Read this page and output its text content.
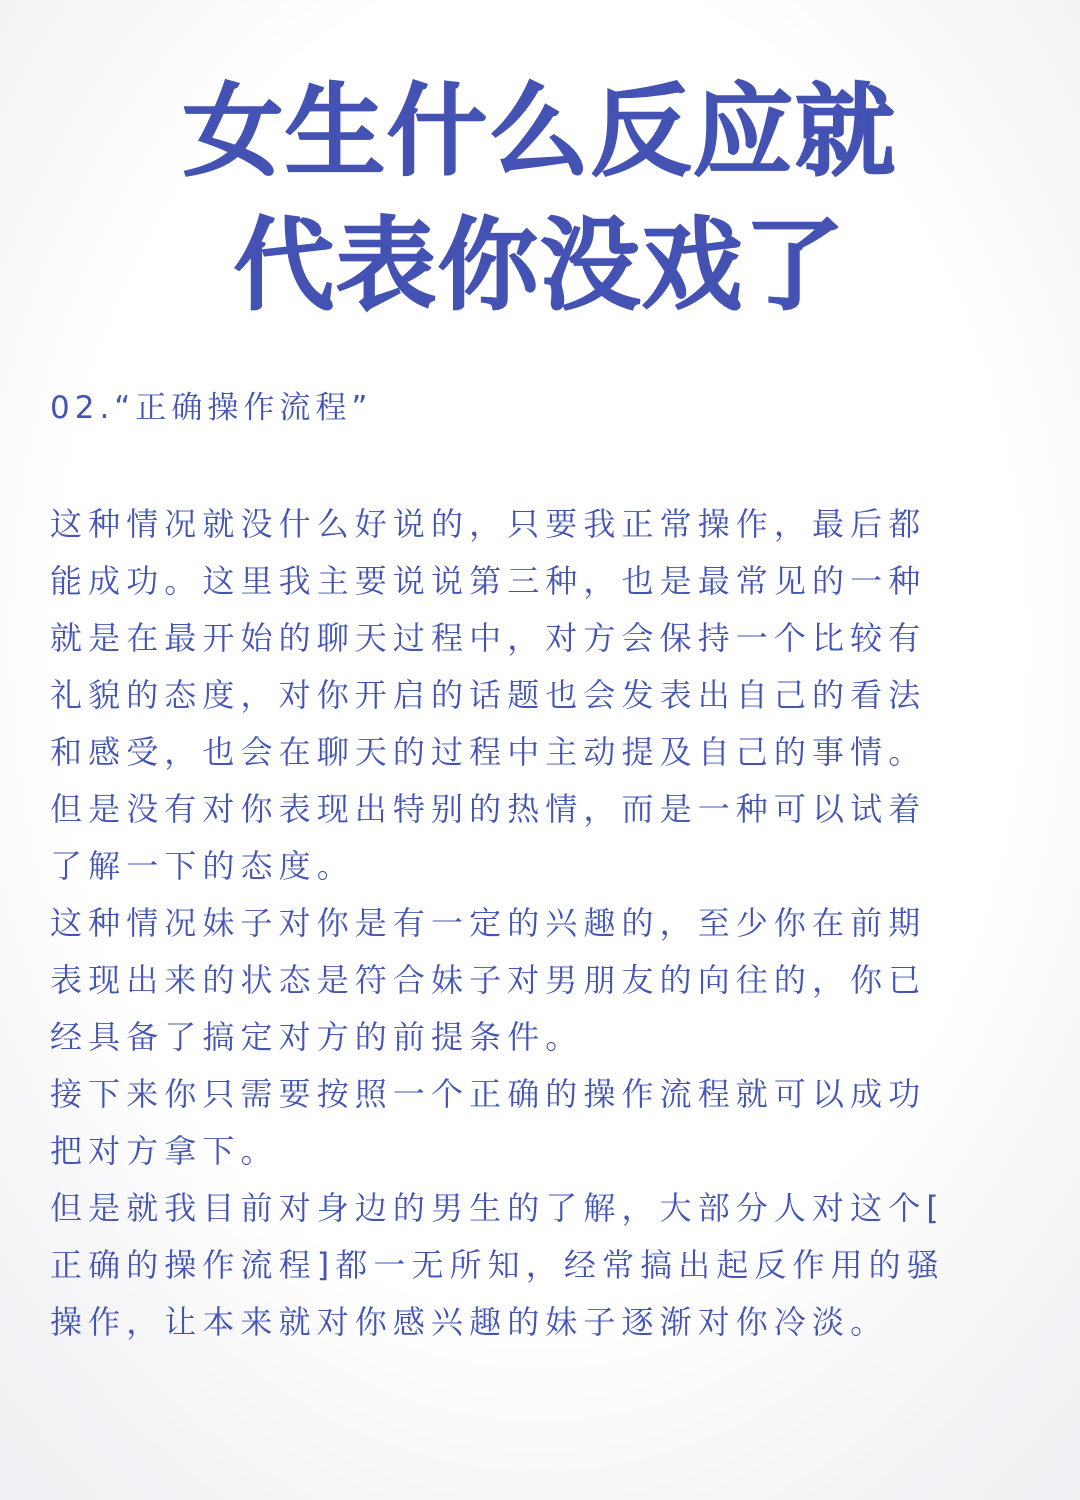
女生什么反应就
代表你没戏了
02.“正确操作流程”
这种情况就没什么好说的，只要我正常操作，最后都
能成功。这里我主要说说第三种，也是最常见的一种
就是在最开始的聊天过程中，对方会保持一个比较有
礼貌的态度，对你开启的话题也会发表出自己的看法
和感受，也会在聊天的过程中主动提及自己的事情。
但是没有对你表现出特别的热情，而是一种可以试着
了解一下的态度。
这种情况妹子对你是有一定的兴趣的，至少你在前期
表现出来的状态是符合妹子对男朋友的向往的，你已
经具备了搞定对方的前提条件。
接下来你只需要按照一个正确的操作流程就可以成功
把对方拿下。
但是就我目前对身边的男生的了解，大部分人对这个[
正确的操作流程]都一无所知，经常搞出起反作用的骚
操作，让本来就对你感兴趣的妹子逐渐对你冷淡。
